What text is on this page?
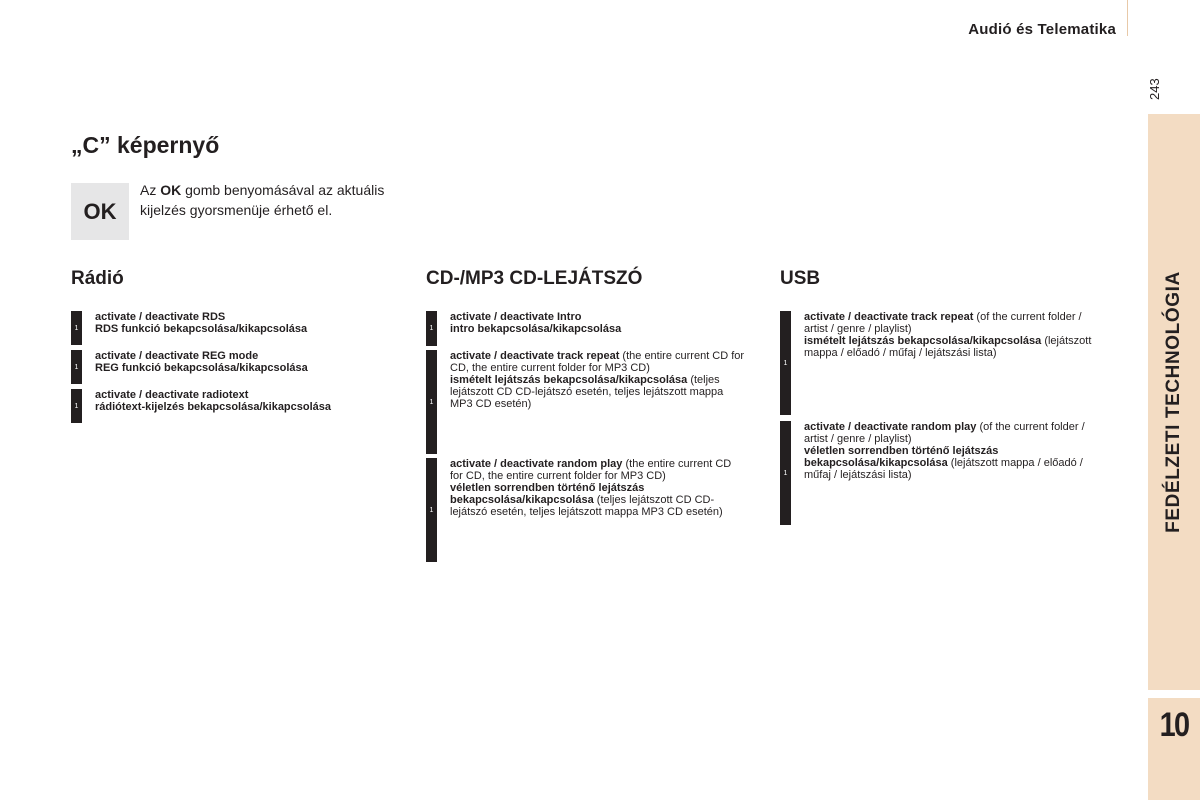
Audió és Telematika
243
FEDÉLZETI TECHNOLÓGIA
10
„C” képernyő
OK
Az OK gomb benyomásával az aktuális kijelzés gyorsmenüje érhető el.
Rádió
1
activate / deactivate RDS
RDS funkció bekapcsolása/kikapcsolása
1
activate / deactivate REG mode
REG funkció bekapcsolása/kikapcsolása
1
activate / deactivate radiotext
rádiótext-kijelzés bekapcsolása/kikapcsolása
CD-/MP3 CD-LEJÁTSZÓ
1
activate / deactivate Intro
intro bekapcsolása/kikapcsolása
1
activate / deactivate track repeat (the entire current CD for CD, the entire current folder for MP3 CD)
ismételt lejátszás bekapcsolása/kikapcsolása (teljes lejátszott CD CD-lejátszó esetén, teljes lejátszott mappa MP3 CD esetén)
1
activate / deactivate random play (the entire current CD for CD, the entire current folder for MP3 CD)
véletlen sorrendben történő lejátszás bekapcsolása/kikapcsolása (teljes lejátszott CD CD-lejátszó esetén, teljes lejátszott mappa MP3 CD esetén)
USB
1
activate / deactivate track repeat (of the current folder / artist / genre / playlist)
ismételt lejátszás bekapcsolása/kikapcsolása (lejátszott mappa / előadó / műfaj / lejátszási lista)
1
activate / deactivate random play (of the current folder / artist / genre / playlist)
véletlen sorrendben történő lejátszás bekapcsolása/kikapcsolása (lejátszott mappa / előadó / műfaj / lejátszási lista)
